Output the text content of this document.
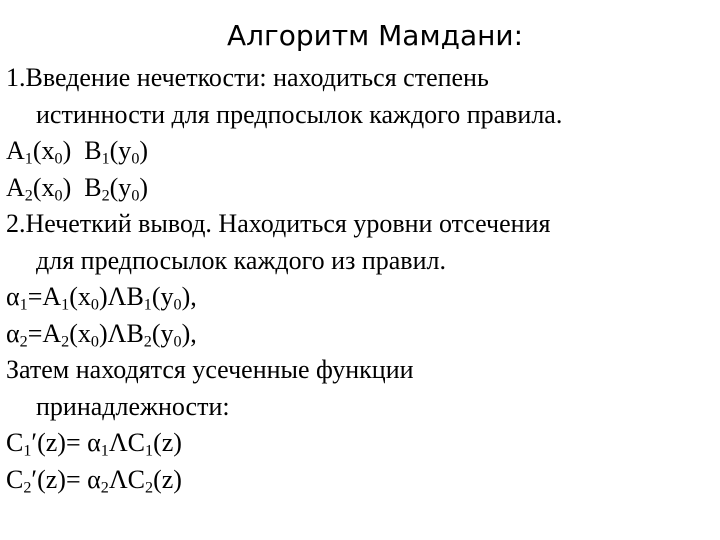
Алгоритм Мамдани:
1.Введение нечеткости: находиться степень
истинности для предпосылок каждого правила.
$A_1(x_0)$  $B_1(y_0)$
$A_2(x_0)$  $B_2(y_0)$
2.Нечеткий вывод. Находиться уровни отсечения
для предпосылок каждого из правил.
$\alpha_1=A_1(x_0)\Lambda B_1(y_0)$,
$\alpha_2=A_2(x_0)\Lambda B_2(y_0)$,
Затем находятся усеченные функции
принадлежности:
$C_1'(z)= \alpha_1\Lambda C_1(z)$
$C_2'(z)= \alpha_2\Lambda C_2(z)$
